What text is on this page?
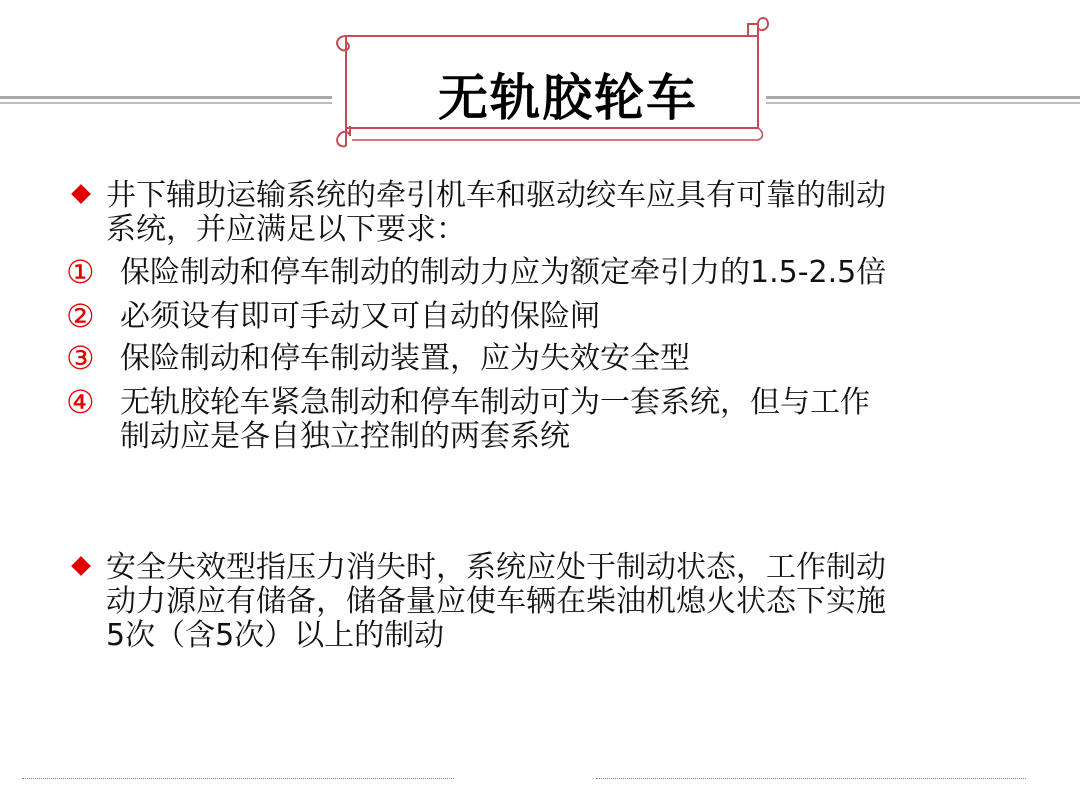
无轨胶轮车
井下辅助运输系统的牵引机车和驱动绞车应具有可靠的制动
系统，并应满足以下要求：
① 保险制动和停车制动的制动力应为额定牵引力的1.5-2.5倍
② 必须设有即可手动又可自动的保险闸
③ 保险制动和停车制动装置，应为失效安全型
④ 无轨胶轮车紧急制动和停车制动可为一套系统，但与工作
制动应是各自独立控制的两套系统
安全失效型指压力消失时，系统应处于制动状态，工作制动
动力源应有储备，储备量应使车辆在柴油机熄火状态下实施
5次（含5次）以上的制动
